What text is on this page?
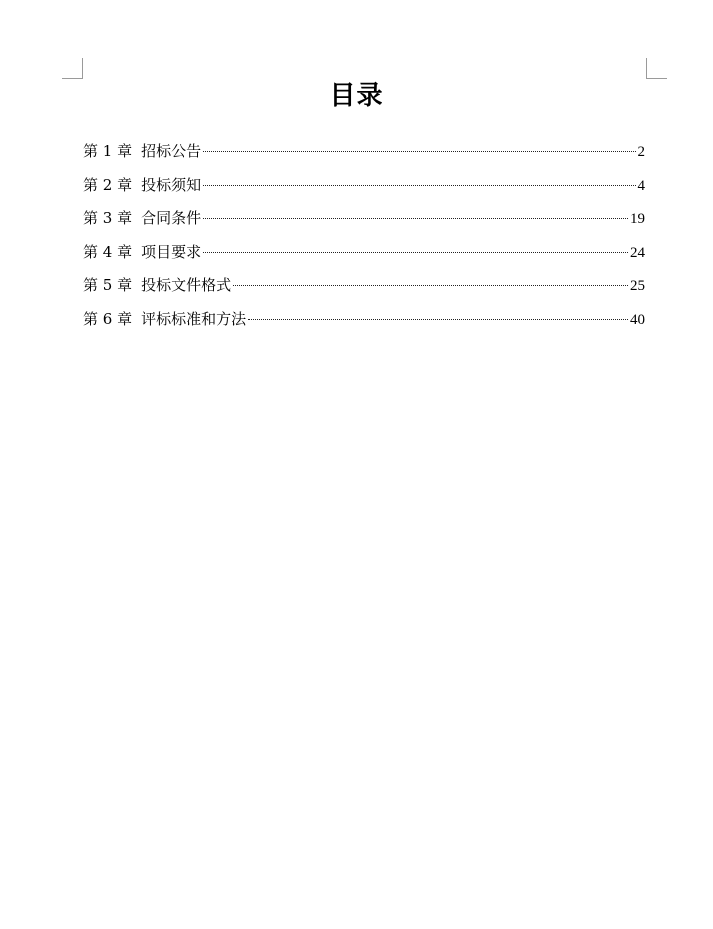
目录
第 1 章 招标公告	2
第 2 章 投标须知	4
第 3 章 合同条件	19
第 4 章 项目要求	24
第 5 章 投标文件格式	25
第 6 章 评标标准和方法	40
